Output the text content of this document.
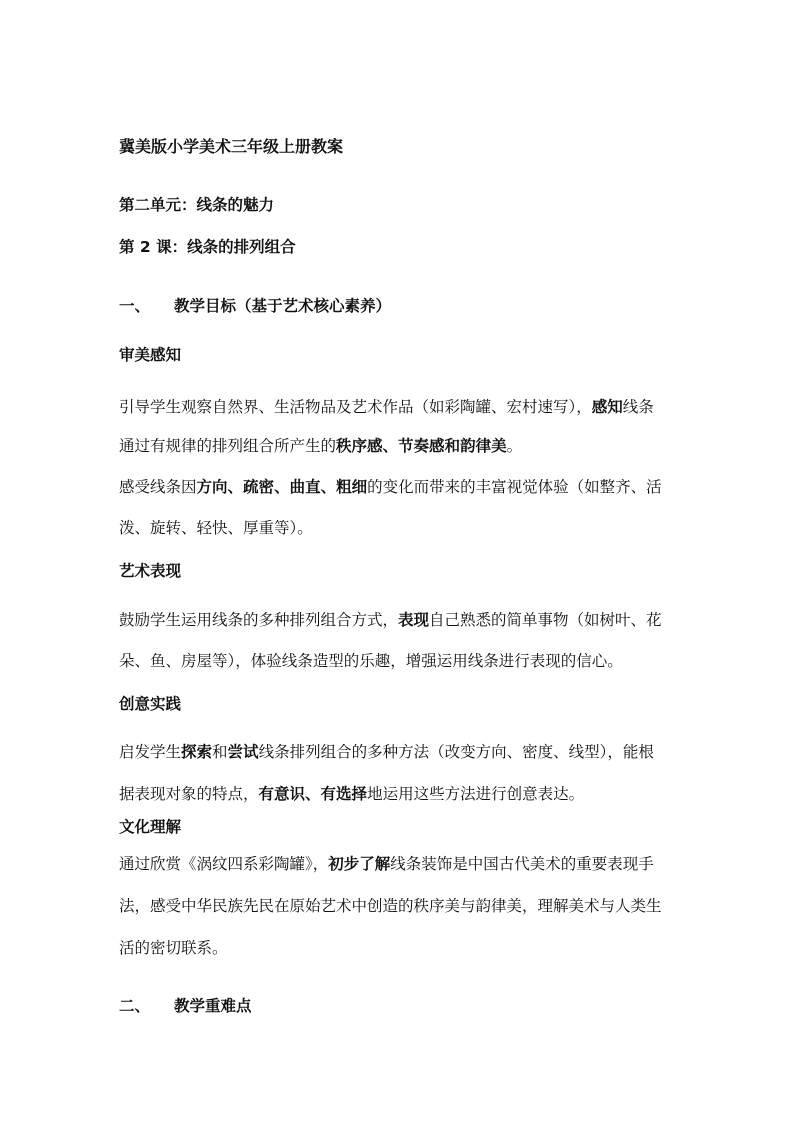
冀美版小学美术三年级上册教案
第二单元：线条的魅力
第 2 课：线条的排列组合
一、 教学目标（基于艺术核心素养）
审美感知
引导学生观察自然界、生活物品及艺术作品（如彩陶罐、宏村速写），感知线条
通过有规律的排列组合所产生的秩序感、节奏感和韵律美。
感受线条因方向、疏密、曲直、粗细的变化而带来的丰富视觉体验（如整齐、活
泼、旋转、轻快、厚重等）。
艺术表现
鼓励学生运用线条的多种排列组合方式，表现自己熟悉的简单事物（如树叶、花
朵、鱼、房屋等），体验线条造型的乐趣，增强运用线条进行表现的信心。
创意实践
启发学生探索和尝试线条排列组合的多种方法（改变方向、密度、线型），能根
据表现对象的特点，有意识、有选择地运用这些方法进行创意表达。
文化理解
通过欣赏《涡纹四系彩陶罐》，初步了解线条装饰是中国古代美术的重要表现手
法，感受中华民族先民在原始艺术中创造的秩序美与韵律美，理解美术与人类生
活的密切联系。
二、 教学重难点
